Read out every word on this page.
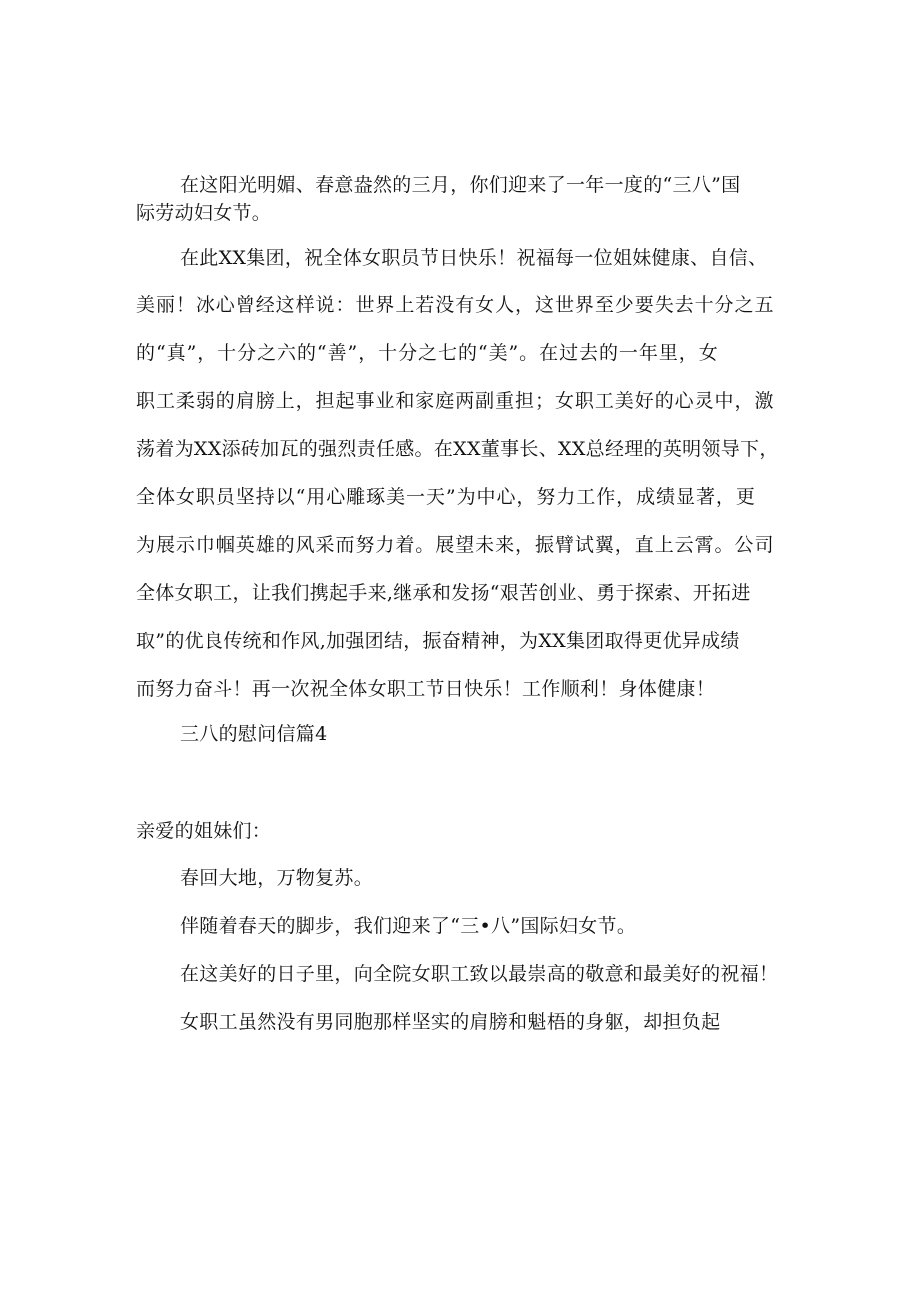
在这阳光明媚、春意盎然的三月，你们迎来了一年一度的“三八”国
际劳动妇女节。
在此XX集团，祝全体女职员节日快乐！祝福每一位姐妹健康、自信、
美丽！冰心曾经这样说：世界上若没有女人，这世界至少要失去十分之五
的“真”，十分之六的“善”，十分之七的“美”。在过去的一年里，女
职工柔弱的肩膀上，担起事业和家庭两副重担；女职工美好的心灵中，激
荡着为XX添砖加瓦的强烈责任感。在XX董事长、XX总经理的英明领导下，
全体女职员坚持以“用心雕琢美一天”为中心，努力工作，成绩显著，更
为展示巾帼英雄的风采而努力着。展望未来，振臂试翼，直上云霄。公司
全体女职工，让我们携起手来,继承和发扬“艰苦创业、勇于探索、开拓进
取”的优良传统和作风,加强团结，振奋精神，为XX集团取得更优异成绩
而努力奋斗！再一次祝全体女职工节日快乐！工作顺利！身体健康！
三八的慰问信篇4
亲爱的姐妹们：
春回大地，万物复苏。
伴随着春天的脚步，我们迎来了“三•八”国际妇女节。
在这美好的日子里，向全院女职工致以最崇高的敬意和最美好的祝福！
女职工虽然没有男同胞那样坚实的肩膀和魁梧的身躯，却担负起
